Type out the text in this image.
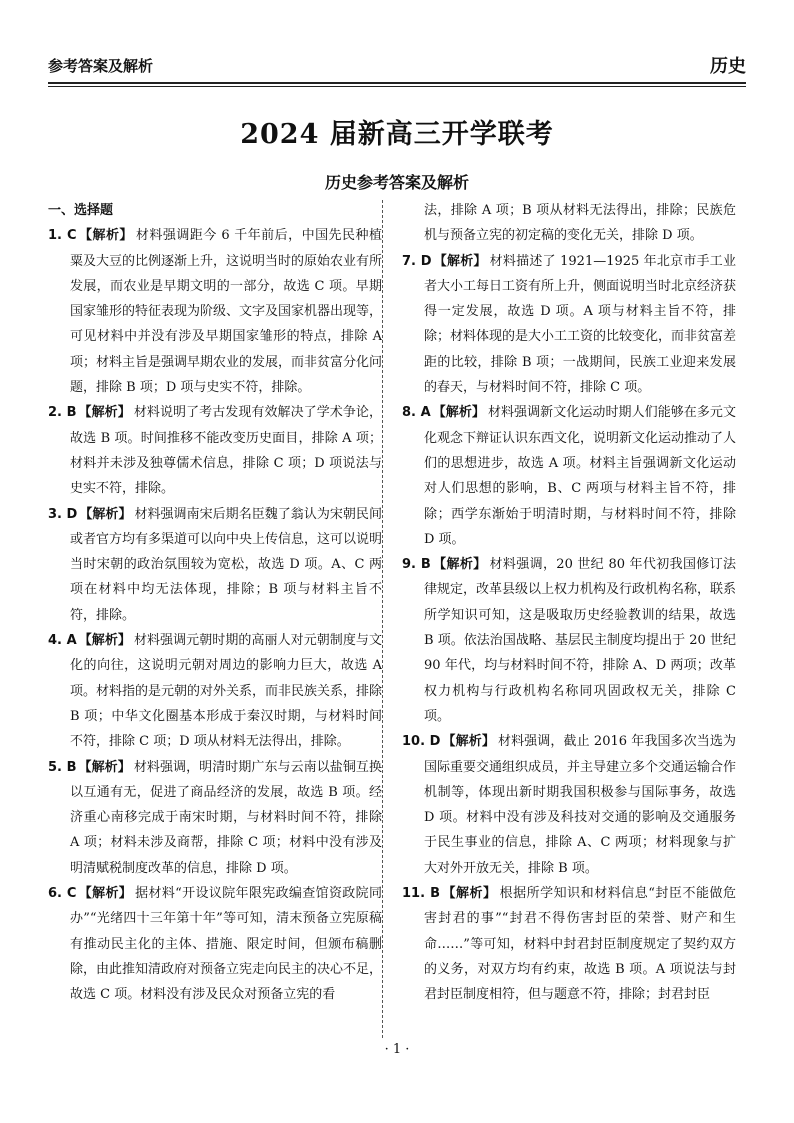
参考答案及解析	历史
2024 届新高三开学联考
历史参考答案及解析
一、选择题

1. C 【解析】 材料强调距今 6 千年前后，中国先民种植粟及大豆的比例逐渐上升，这说明当时的原始农业有所发展，而农业是早期文明的一部分，故选 C 项。早期国家雏形的特征表现为阶级、文字及国家机器出现等，可见材料中并没有涉及早期国家雏形的特点，排除 A 项；材料主旨是强调早期农业的发展，而非贫富分化问题，排除 B 项；D 项与史实不符，排除。

2. B 【解析】 材料说明了考古发现有效解决了学术争论，故选 B 项。时间推移不能改变历史面目，排除 A 项；材料并未涉及独尊儒术信息，排除 C 项；D 项说法与史实不符，排除。

3. D 【解析】 材料强调南宋后期名臣魏了翁认为宋朝民间或者官方均有多渠道可以向中央上传信息，这可以说明当时宋朝的政治氛围较为宽松，故选 D 项。A、C 两项在材料中均无法体现，排除；B 项与材料主旨不符，排除。

4. A 【解析】 材料强调元朝时期的高丽人对元朝制度与文化的向往，这说明元朝对周边的影响力巨大，故选 A 项。材料指的是元朝的对外关系，而非民族关系，排除 B 项；中华文化圈基本形成于秦汉时期，与材料时间不符，排除 C 项；D 项从材料无法得出，排除。

5. B 【解析】 材料强调，明清时期广东与云南以盐铜互换以互通有无，促进了商品经济的发展，故选 B 项。经济重心南移完成于南宋时期，与材料时间不符，排除 A 项；材料未涉及商帮，排除 C 项；材料中没有涉及明清赋税制度改革的信息，排除 D 项。

6. C 【解析】 据材料“开设议院年限宪政编查馆资政院同办”“光绪四十三年第十年”等可知，清末预备立宪原稿有推动民主化的主体、措施、限定时间，但颁布稿删除，由此推知清政府对预备立宪走向民主的决心不足，故选 C 项。材料没有涉及民众对预备立宪的看

法，排除 A 项；B 项从材料无法得出，排除；民族危机与预备立宪的初定稿的变化无关，排除 D 项。

7. D 【解析】 材料描述了 1921—1925 年北京市手工业者大小工每日工资有所上升，侧面说明当时北京经济获得一定发展，故选 D 项。A 项与材料主旨不符，排除；材料体现的是大小工工资的比较变化，而非贫富差距的比较，排除 B 项；一战期间，民族工业迎来发展的春天，与材料时间不符，排除 C 项。

8. A 【解析】 材料强调新文化运动时期人们能够在多元文化观念下辩证认识东西文化，说明新文化运动推动了人们的思想进步，故选 A 项。材料主旨强调新文化运动对人们思想的影响，B、C 两项与材料主旨不符，排除；西学东渐始于明清时期，与材料时间不符，排除 D 项。

9. B 【解析】 材料强调，20 世纪 80 年代初我国修订法律规定，改革县级以上权力机构及行政机构名称，联系所学知识可知，这是吸取历史经验教训的结果，故选 B 项。依法治国战略、基层民主制度均提出于 20 世纪 90 年代，均与材料时间不符，排除 A、D 两项；改革权力机构与行政机构名称同巩固政权无关，排除 C 项。

10. D 【解析】 材料强调，截止 2016 年我国多次当选为国际重要交通组织成员，并主导建立多个交通运输合作机制等，体现出新时期我国积极参与国际事务，故选 D 项。材料中没有涉及科技对交通的影响及交通服务于民生事业的信息，排除 A、C 两项；材料现象与扩大对外开放无关，排除 B 项。

11. B 【解析】 根据所学知识和材料信息“封臣不能做危害封君的事”“封君不得伤害封臣的荣誉、财产和生命……”等可知，材料中封君封臣制度规定了契约双方的义务，对双方均有约束，故选 B 项。A 项说法与封君封臣制度相符，但与题意不符，排除；封君封臣

· 1 ·
